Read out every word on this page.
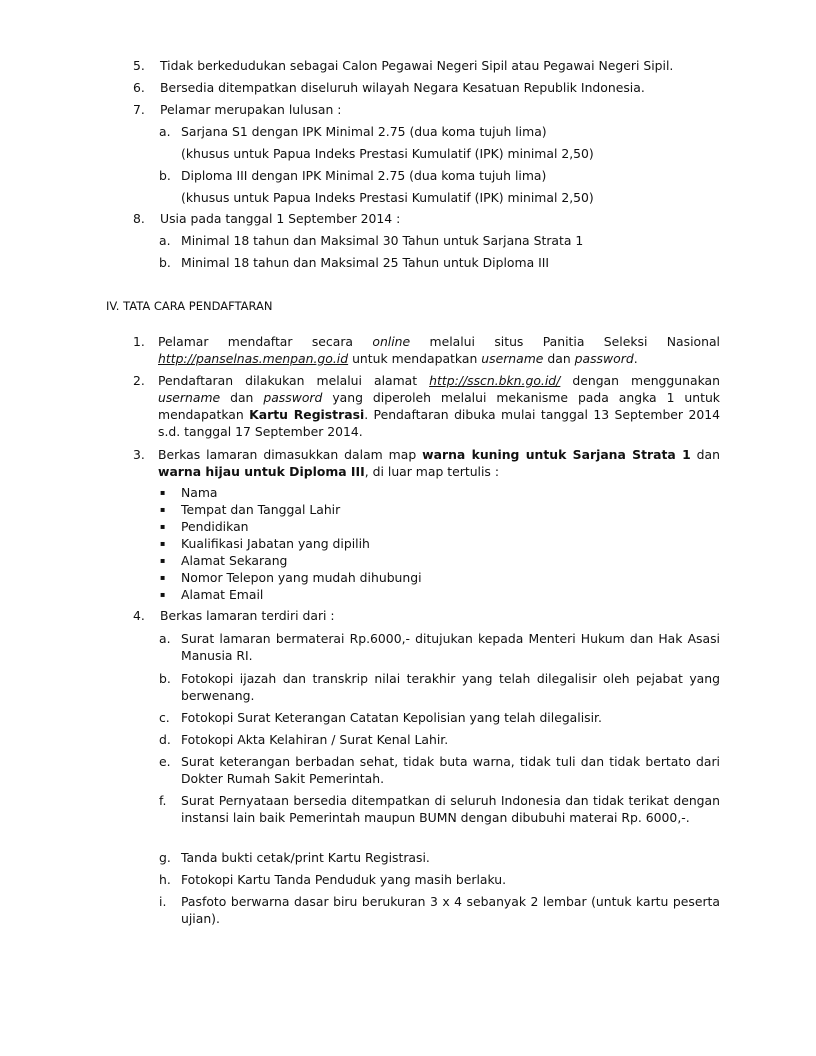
5. Tidak berkedudukan sebagai Calon Pegawai Negeri Sipil atau Pegawai Negeri Sipil.
6. Bersedia ditempatkan diseluruh wilayah Negara Kesatuan Republik Indonesia.
7. Pelamar merupakan lulusan :
a. Sarjana S1 dengan IPK Minimal 2.75 (dua koma tujuh lima)
(khusus untuk Papua Indeks Prestasi Kumulatif (IPK) minimal 2,50)
b. Diploma III dengan IPK Minimal 2.75 (dua koma tujuh lima)
(khusus untuk Papua Indeks Prestasi Kumulatif (IPK) minimal 2,50)
8. Usia pada tanggal 1 September 2014 :
a. Minimal 18 tahun dan Maksimal 30 Tahun untuk Sarjana Strata 1
b. Minimal 18 tahun dan Maksimal 25 Tahun untuk Diploma III
IV. TATA CARA PENDAFTARAN
1. Pelamar mendaftar secara online melalui situs Panitia Seleksi Nasional http://panselnas.menpan.go.id untuk mendapatkan username dan password.
2. Pendaftaran dilakukan melalui alamat http://sscn.bkn.go.id/ dengan menggunakan username dan password yang diperoleh melalui mekanisme pada angka 1 untuk mendapatkan Kartu Registrasi. Pendaftaran dibuka mulai tanggal 13 September 2014 s.d. tanggal 17 September 2014.
3. Berkas lamaran dimasukkan dalam map warna kuning untuk Sarjana Strata 1 dan warna hijau untuk Diploma III, di luar map tertulis :
▪ Nama
▪ Tempat dan Tanggal Lahir
▪ Pendidikan
▪ Kualifikasi Jabatan yang dipilih
▪ Alamat Sekarang
▪ Nomor Telepon yang mudah dihubungi
▪ Alamat Email
4. Berkas lamaran terdiri dari :
a. Surat lamaran bermaterai Rp.6000,- ditujukan kepada Menteri Hukum dan Hak Asasi Manusia RI.
b. Fotokopi ijazah dan transkrip nilai terakhir yang telah dilegalisir oleh pejabat yang berwenang.
c. Fotokopi Surat Keterangan Catatan Kepolisian yang telah dilegalisir.
d. Fotokopi Akta Kelahiran / Surat Kenal Lahir.
e. Surat keterangan berbadan sehat, tidak buta warna, tidak tuli dan tidak bertato dari Dokter Rumah Sakit Pemerintah.
f. Surat Pernyataan bersedia ditempatkan di seluruh Indonesia dan tidak terikat dengan instansi lain baik Pemerintah maupun BUMN dengan dibubuhi materai Rp. 6000,-.
g. Tanda bukti cetak/print Kartu Registrasi.
h. Fotokopi Kartu Tanda Penduduk yang masih berlaku.
i. Pasfoto berwarna dasar biru berukuran 3 x 4 sebanyak 2 lembar (untuk kartu peserta ujian).
